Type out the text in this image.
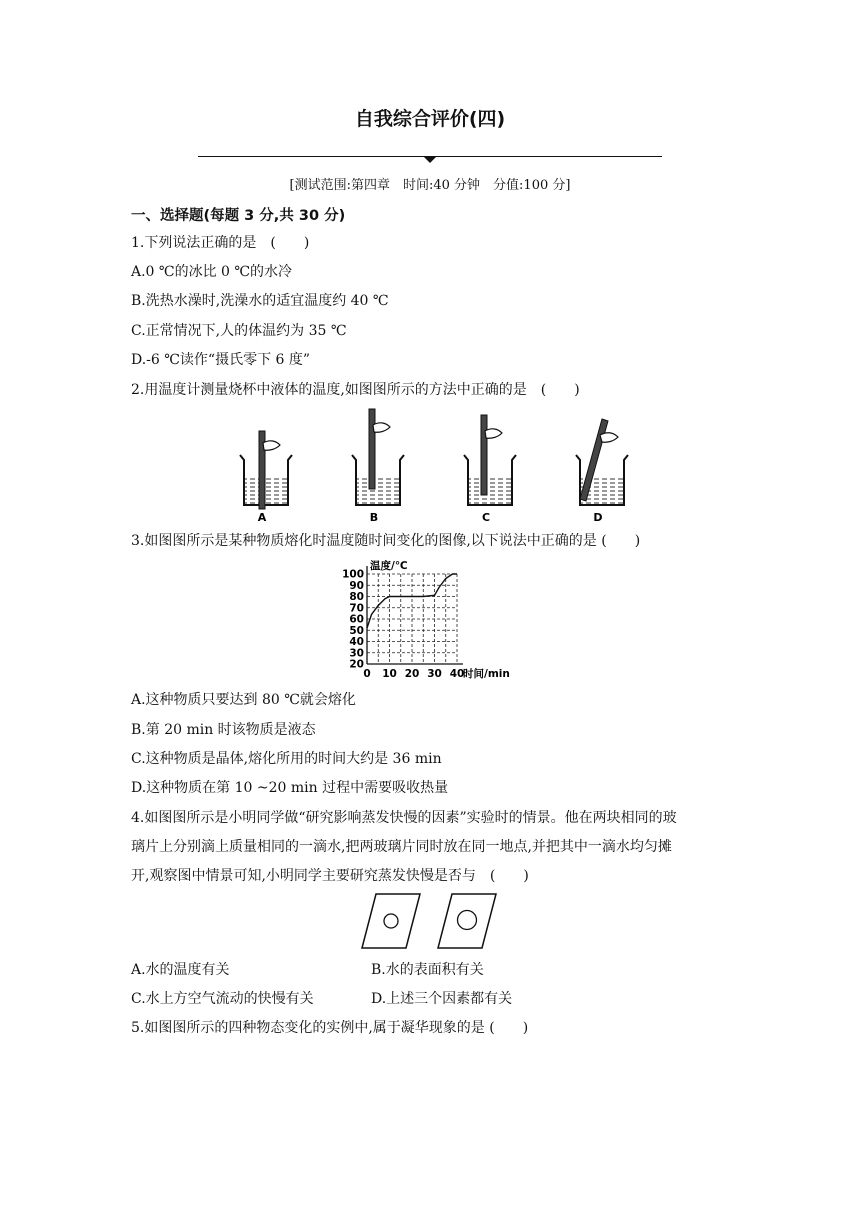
自我综合评价(四)
[测试范围:第四章　时间:40 分钟　分值:100 分]
一、选择题(每题 3 分,共 30 分)
1.下列说法正确的是　(　　)
A.0 ℃的冰比 0 ℃的水冷
B.洗热水澡时,洗澡水的适宜温度约 40 ℃
C.正常情况下,人的体温约为 35 ℃
D.-6 ℃读作“摄氏零下 6 度”
2.用温度计测量烧杯中液体的温度,如图图所示的方法中正确的是　(　　)
A	B	C	D
3.如图图所示是某种物质熔化时温度随时间变化的图像,以下说法中正确的是 (　　)
20
30
40
50
60
70
80
90
100
0 10 20 30 40
温度/℃
时间/min
A.这种物质只要达到 80 ℃就会熔化
B.第 20 min 时该物质是液态
C.这种物质是晶体,熔化所用的时间大约是 36 min
D.这种物质在第 10 ~20 min 过程中需要吸收热量
4.如图图所示是小明同学做“研究影响蒸发快慢的因素”实验时的情景。他在两块相同的玻
璃片上分别滴上质量相同的一滴水,把两玻璃片同时放在同一地点,并把其中一滴水均匀摊
开,观察图中情景可知,小明同学主要研究蒸发快慢是否与　(　　)
A.水的温度有关	B.水的表面积有关
C.水上方空气流动的快慢有关	D.上述三个因素都有关
5.如图图所示的四种物态变化的实例中,属于凝华现象的是 (　　)
